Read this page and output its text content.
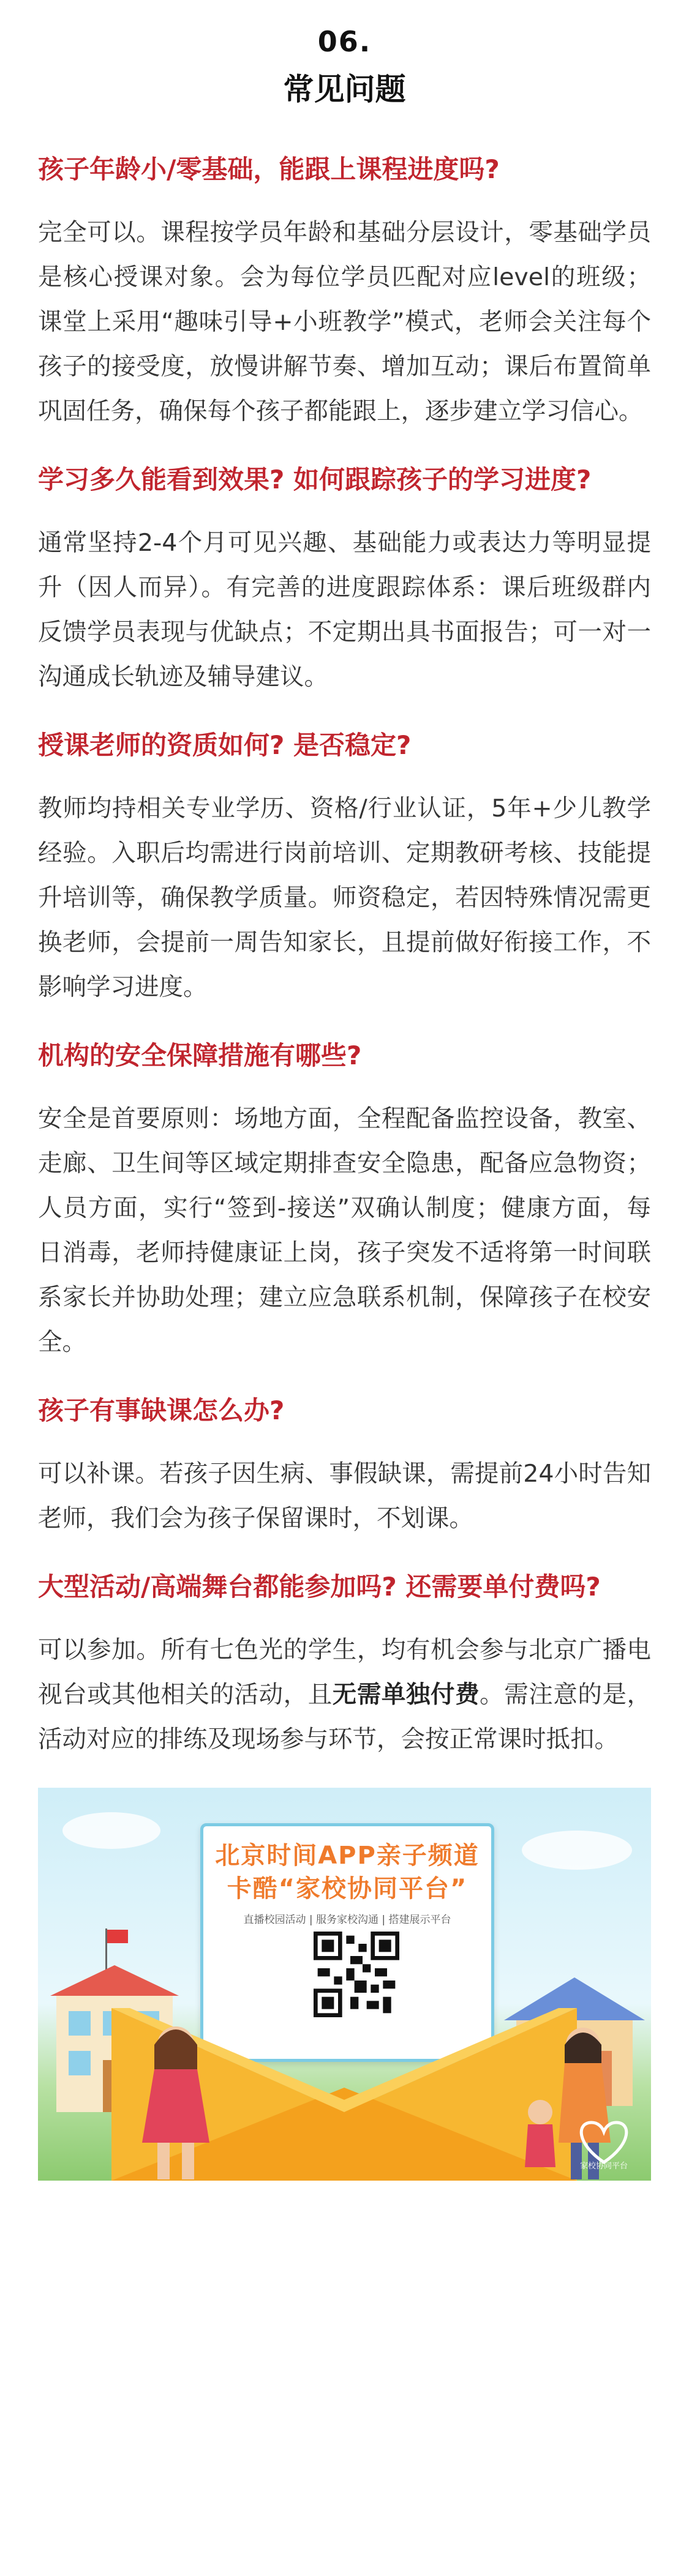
06.
常见问题

孩子年龄小/零基础，能跟上课程进度吗?

完全可以。课程按学员年龄和基础分层设计，零基础学员是核心授课对象。会为每位学员匹配对应level的班级；课堂上采用“趣味引导+小班教学”模式，老师会关注每个孩子的接受度，放慢讲解节奏、增加互动；课后布置简单巩固任务，确保每个孩子都能跟上，逐步建立学习信心。

学习多久能看到效果? 如何跟踪孩子的学习进度?

通常坚持2-4个月可见兴趣、基础能力或表达力等明显提升（因人而异）。有完善的进度跟踪体系：课后班级群内反馈学员表现与优缺点；不定期出具书面报告；可一对一沟通成长轨迹及辅导建议。

授课老师的资质如何? 是否稳定?

教师均持相关专业学历、资格/行业认证，5年+少儿教学经验。入职后均需进行岗前培训、定期教研考核、技能提升培训等，确保教学质量。师资稳定，若因特殊情况需更换老师，会提前一周告知家长，且提前做好衔接工作，不影响学习进度。

机构的安全保障措施有哪些?

安全是首要原则：场地方面，全程配备监控设备，教室、走廊、卫生间等区域定期排查安全隐患，配备应急物资；人员方面，实行“签到-接送”双确认制度；健康方面，每日消毒，老师持健康证上岗，孩子突发不适将第一时间联系家长并协助处理；建立应急联系机制，保障孩子在校安全。

孩子有事缺课怎么办?

可以补课。若孩子因生病、事假缺课，需提前24小时告知老师，我们会为孩子保留课时，不划课。

大型活动/高端舞台都能参加吗? 还需要单付费吗?

可以参加。所有七色光的学生，均有机会参与北京广播电视台或其他相关的活动，且无需单独付费。需注意的是，活动对应的排练及现场参与环节，会按正常课时抵扣。

北京时间APP亲子频道
卡酷“家校协同平台”
直播校园活动 | 服务家校沟通 | 搭建展示平台
家校协同平台
